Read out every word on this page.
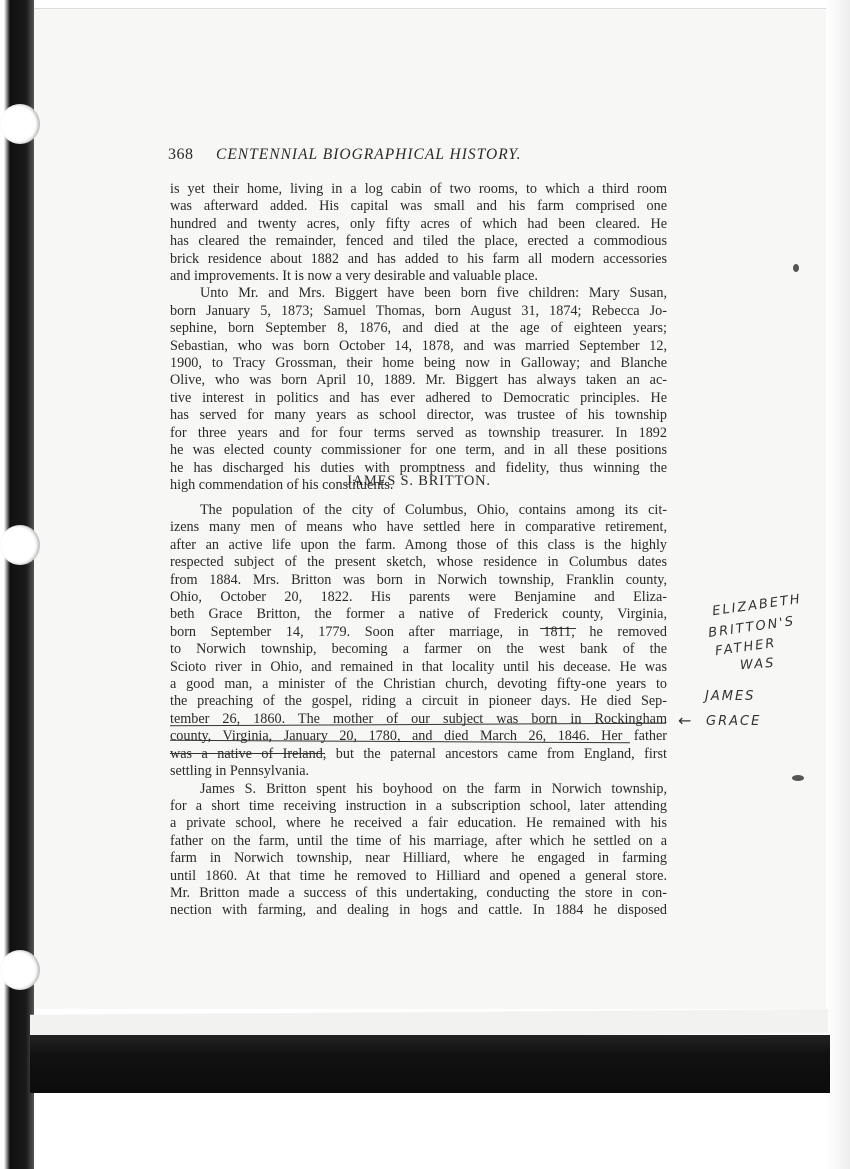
368 CENTENNIAL BIOGRAPHICAL HISTORY.
is yet their home, living in a log cabin of two rooms, to which a third room
was afterward added. His capital was small and his farm comprised one
hundred and twenty acres, only fifty acres of which had been cleared. He
has cleared the remainder, fenced and tiled the place, erected a commodious
brick residence about 1882 and has added to his farm all modern accessories
and improvements. It is now a very desirable and valuable place.
Unto Mr. and Mrs. Biggert have been born five children: Mary Susan,
born January 5, 1873; Samuel Thomas, born August 31, 1874; Rebecca Jo-
sephine, born September 8, 1876, and died at the age of eighteen years;
Sebastian, who was born October 14, 1878, and was married September 12,
1900, to Tracy Grossman, their home being now in Galloway; and Blanche
Olive, who was born April 10, 1889. Mr. Biggert has always taken an ac-
tive interest in politics and has ever adhered to Democratic principles. He
has served for many years as school director, was trustee of his township
for three years and for four terms served as township treasurer. In 1892
he was elected county commissioner for one term, and in all these positions
he has discharged his duties with promptness and fidelity, thus winning the
high commendation of his constituents.
JAMES S. BRITTON.
The population of the city of Columbus, Ohio, contains among its cit-
izens many men of means who have settled here in comparative retirement,
after an active life upon the farm. Among those of this class is the highly
respected subject of the present sketch, whose residence in Columbus dates
from 1884. Mrs. Britton was born in Norwich township, Franklin county,
Ohio, October 20, 1822. His parents were Benjamine and Eliza-
beth Grace Britton, the former a native of Frederick county, Virginia,
born September 14, 1779. Soon after marriage, in 1811, he removed
to Norwich township, becoming a farmer on the west bank of the
Scioto river in Ohio, and remained in that locality until his decease. He was
a good man, a minister of the Christian church, devoting fifty-one years to
the preaching of the gospel, riding a circuit in pioneer days. He died Sep-
tember 26, 1860. The mother of our subject was born in Rockingham
county, Virginia, January 20, 1780, and died March 26, 1846. Her father
was a native of Ireland, but the paternal ancestors came from England, first
settling in Pennsylvania.
James S. Britton spent his boyhood on the farm in Norwich township,
for a short time receiving instruction in a subscription school, later attending
a private school, where he received a fair education. He remained with his
father on the farm, until the time of his marriage, after which he settled on a
farm in Norwich township, near Hilliard, where he engaged in farming
until 1860. At that time he removed to Hilliard and opened a general store.
Mr. Britton made a success of this undertaking, conducting the store in con-
nection with farming, and dealing in hogs and cattle. In 1884 he disposed
ELIZABETH
BRITTON'S
FATHER
WAS
JAMES
← GRACE
